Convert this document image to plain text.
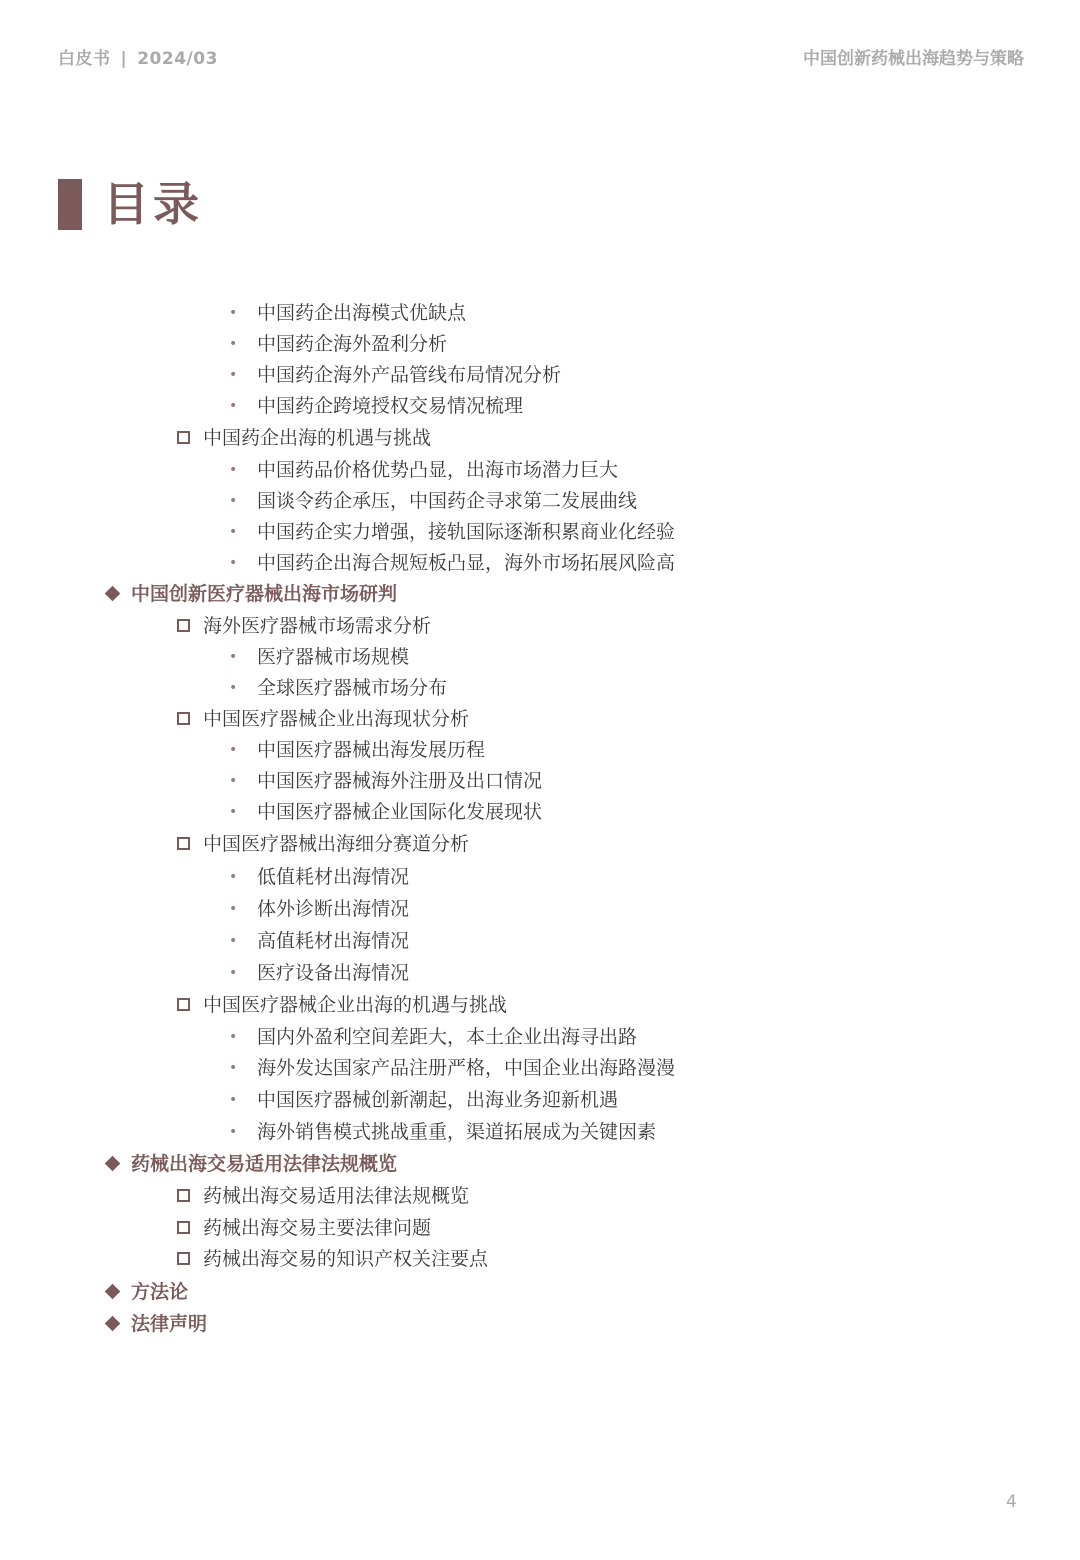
白皮书 | 2024/03	中国创新药械出海趋势与策略
目录
• 中国药企出海模式优缺点
• 中国药企海外盈利分析
• 中国药企海外产品管线布局情况分析
• 中国药企跨境授权交易情况梳理
中国药企出海的机遇与挑战
• 中国药品价格优势凸显，出海市场潜力巨大
• 国谈令药企承压，中国药企寻求第二发展曲线
• 中国药企实力增强，接轨国际逐渐积累商业化经验
• 中国药企出海合规短板凸显，海外市场拓展风险高
中国创新医疗器械出海市场研判
海外医疗器械市场需求分析
• 医疗器械市场规模
• 全球医疗器械市场分布
中国医疗器械企业出海现状分析
• 中国医疗器械出海发展历程
• 中国医疗器械海外注册及出口情况
• 中国医疗器械企业国际化发展现状
中国医疗器械出海细分赛道分析
• 低值耗材出海情况
• 体外诊断出海情况
• 高值耗材出海情况
• 医疗设备出海情况
中国医疗器械企业出海的机遇与挑战
• 国内外盈利空间差距大，本土企业出海寻出路
• 海外发达国家产品注册严格，中国企业出海路漫漫
• 中国医疗器械创新潮起，出海业务迎新机遇
• 海外销售模式挑战重重，渠道拓展成为关键因素
药械出海交易适用法律法规概览
药械出海交易适用法律法规概览
药械出海交易主要法律问题
药械出海交易的知识产权关注要点
方法论
法律声明
4
